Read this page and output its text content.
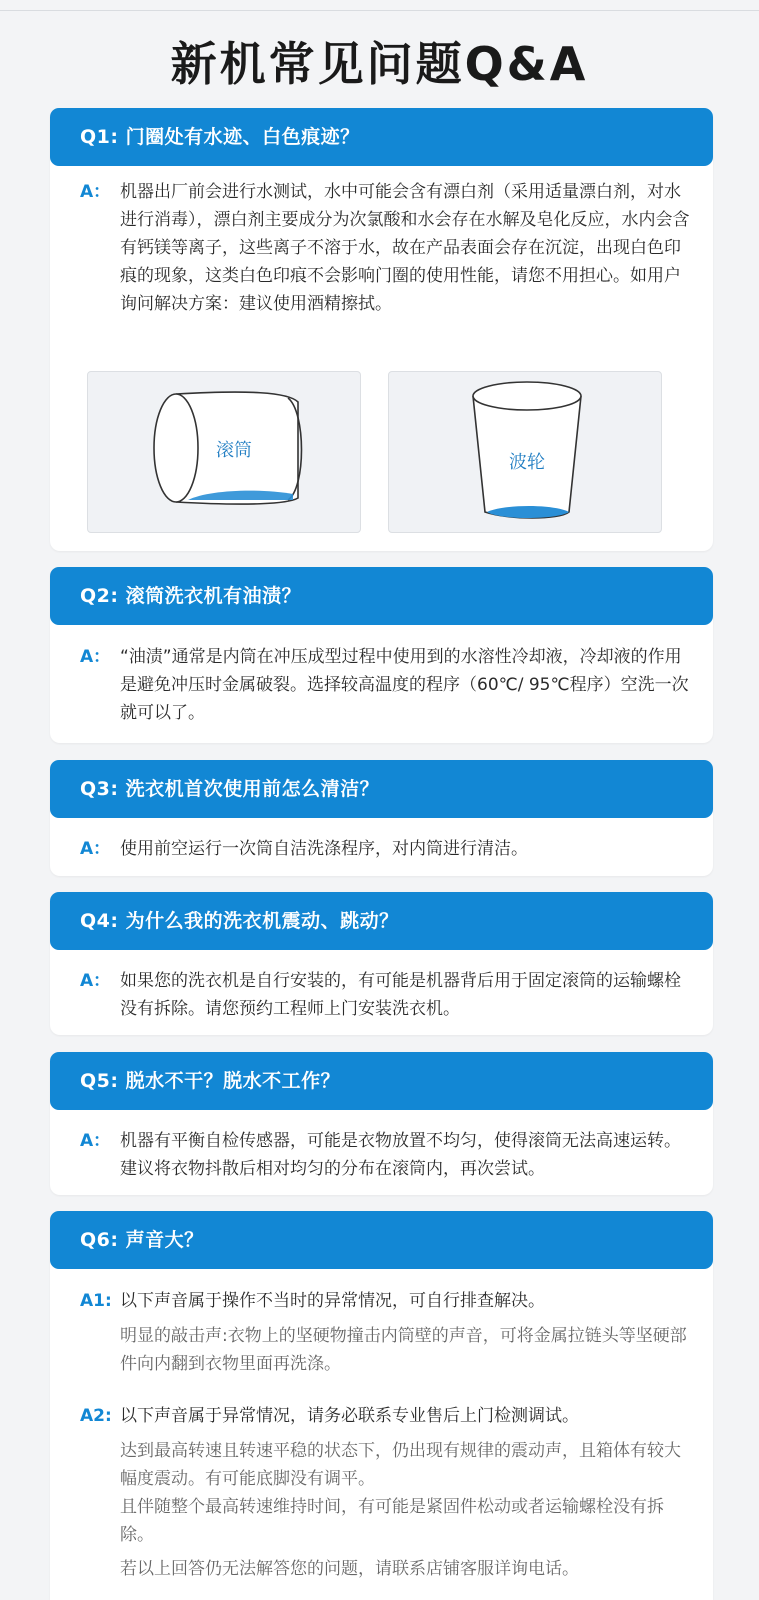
新机常见问题Q&A
Q1: 门圈处有水迹、白色痕迹？
A： 机器出厂前会进行水测试，水中可能会含有漂白剂（采用适量漂白剂，对水进行消毒），漂白剂主要成分为次氯酸和水会存在水解及皂化反应，水内会含有钙镁等离子，这些离子不溶于水，故在产品表面会存在沉淀，出现白色印痕的现象，这类白色印痕不会影响门圈的使用性能，请您不用担心。如用户询问解决方案：建议使用酒精擦拭。
滚筒
波轮
Q2: 滚筒洗衣机有油渍？
A： “油渍”通常是内筒在冲压成型过程中使用到的水溶性冷却液，冷却液的作用是避免冲压时金属破裂。选择较高温度的程序（60℃/ 95℃程序）空洗一次就可以了。
Q3: 洗衣机首次使用前怎么清洁？
A： 使用前空运行一次筒自洁洗涤程序，对内筒进行清洁。
Q4: 为什么我的洗衣机震动、跳动？
A： 如果您的洗衣机是自行安装的，有可能是机器背后用于固定滚筒的运输螺栓没有拆除。请您预约工程师上门安装洗衣机。
Q5: 脱水不干？脱水不工作？
A： 机器有平衡自检传感器，可能是衣物放置不均匀，使得滚筒无法高速运转。建议将衣物抖散后相对均匀的分布在滚筒内，再次尝试。
Q6: 声音大？
A1: 以下声音属于操作不当时的异常情况，可自行排查解决。
明显的敲击声:衣物上的坚硬物撞击内筒壁的声音，可将金属拉链头等坚硬部件向内翻到衣物里面再洗涤。
A2: 以下声音属于异常情况，请务必联系专业售后上门检测调试。
达到最高转速且转速平稳的状态下，仍出现有规律的震动声，且箱体有较大幅度震动。有可能底脚没有调平。
且伴随整个最高转速维持时间，有可能是紧固件松动或者运输螺栓没有拆除。
若以上回答仍无法解答您的问题，请联系店铺客服详询电话。
